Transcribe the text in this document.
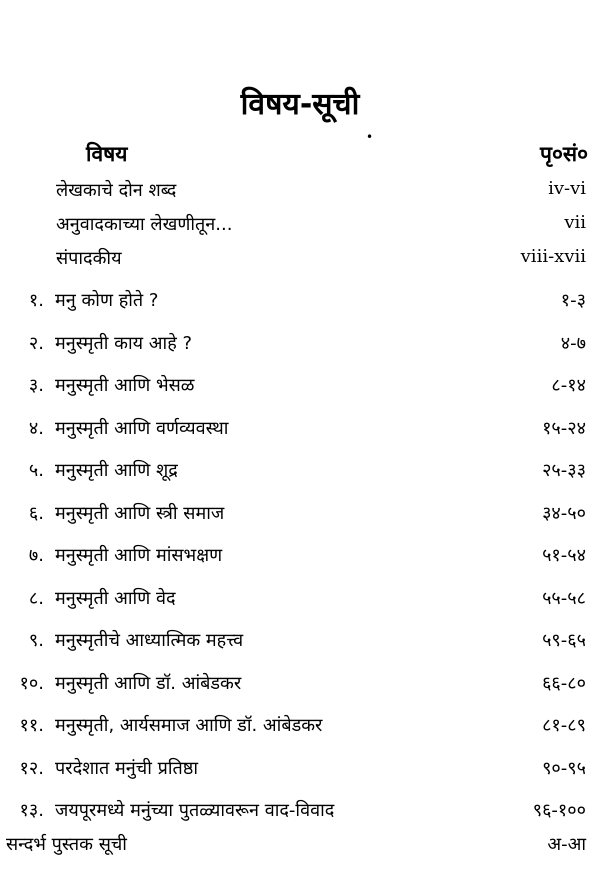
विषय-सूची
•
विषय	पृ०सं०
लेखकाचे दोन शब्द	iv-vi
अनुवादकाच्या लेखणीतून...	vii
संपादकीय	viii-xvii
१. मनु कोण होते ?	१-३
२. मनुस्मृती काय आहे ?	४-७
३. मनुस्मृती आणि भेसळ	८-१४
४. मनुस्मृती आणि वर्णव्यवस्था	१५-२४
५. मनुस्मृती आणि शूद्र	२५-३३
६. मनुस्मृती आणि स्त्री समाज	३४-५०
७. मनुस्मृती आणि मांसभक्षण	५१-५४
८. मनुस्मृती आणि वेद	५५-५८
९. मनुस्मृतीचे आध्यात्मिक महत्त्व	५९-६५
१०. मनुस्मृती आणि डॉ. आंबेडकर	६६-८०
११. मनुस्मृती, आर्यसमाज आणि डॉ. आंबेडकर	८१-८९
१२. परदेशात मनुंची प्रतिष्ठा	९०-९५
१३. जयपूरमध्ये मनुंच्या पुतळ्यावरून वाद-विवाद	९६-१००
सन्दर्भ पुस्तक सूची	अ-आ
